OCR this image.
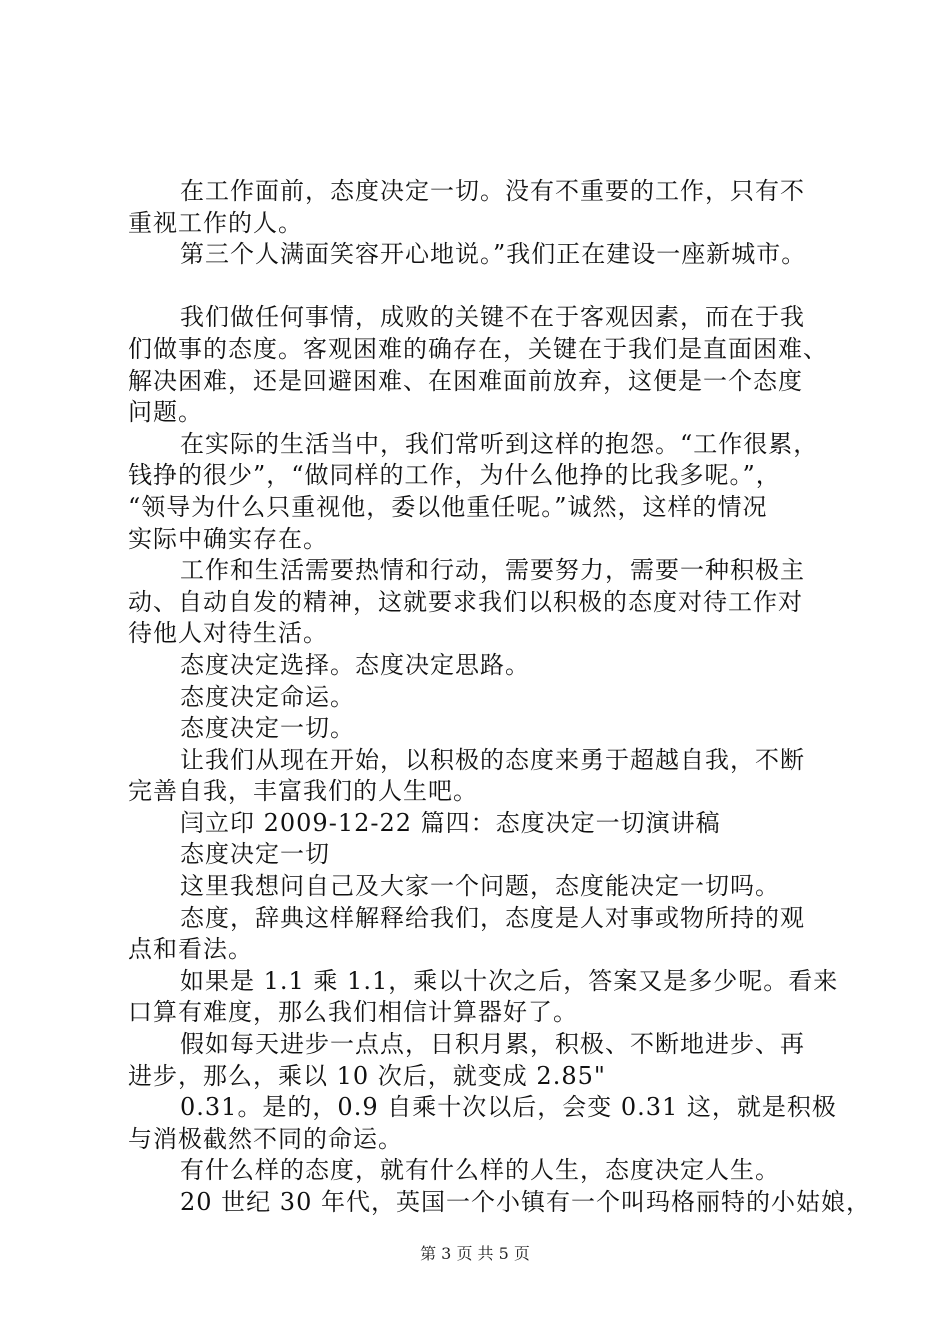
在工作面前，态度决定一切。没有不重要的工作，只有不
重视工作的人。
第三个人满面笑容开心地说。”我们正在建设一座新城市。
我们做任何事情，成败的关键不在于客观因素，而在于我
们做事的态度。客观困难的确存在，关键在于我们是直面困难、
解决困难，还是回避困难、在困难面前放弃，这便是一个态度
问题。
在实际的生活当中，我们常听到这样的抱怨。“工作很累，
钱挣的很少”，“做同样的工作，为什么他挣的比我多呢。”，
“领导为什么只重视他，委以他重任呢。”诚然，这样的情况
实际中确实存在。
工作和生活需要热情和行动，需要努力，需要一种积极主
动、自动自发的精神，这就要求我们以积极的态度对待工作对
待他人对待生活。
态度决定选择。态度决定思路。
态度决定命运。
态度决定一切。
让我们从现在开始，以积极的态度来勇于超越自我，不断
完善自我，丰富我们的人生吧。
闫立印 2009-12-22 篇四：态度决定一切演讲稿
态度决定一切
这里我想问自己及大家一个问题，态度能决定一切吗。
态度，辞典这样解释给我们，态度是人对事或物所持的观
点和看法。
如果是 1.1 乘 1.1，乘以十次之后，答案又是多少呢。看来
口算有难度，那么我们相信计算器好了。
假如每天进步一点点，日积月累，积极、不断地进步、再
进步，那么，乘以 10 次后，就变成 2.85"
0.31。是的，0.9 自乘十次以后，会变 0.31 这，就是积极
与消极截然不同的命运。
有什么样的态度，就有什么样的人生，态度决定人生。
20 世纪 30 年代，英国一个小镇有一个叫玛格丽特的小姑娘，
第 3 页 共 5 页
